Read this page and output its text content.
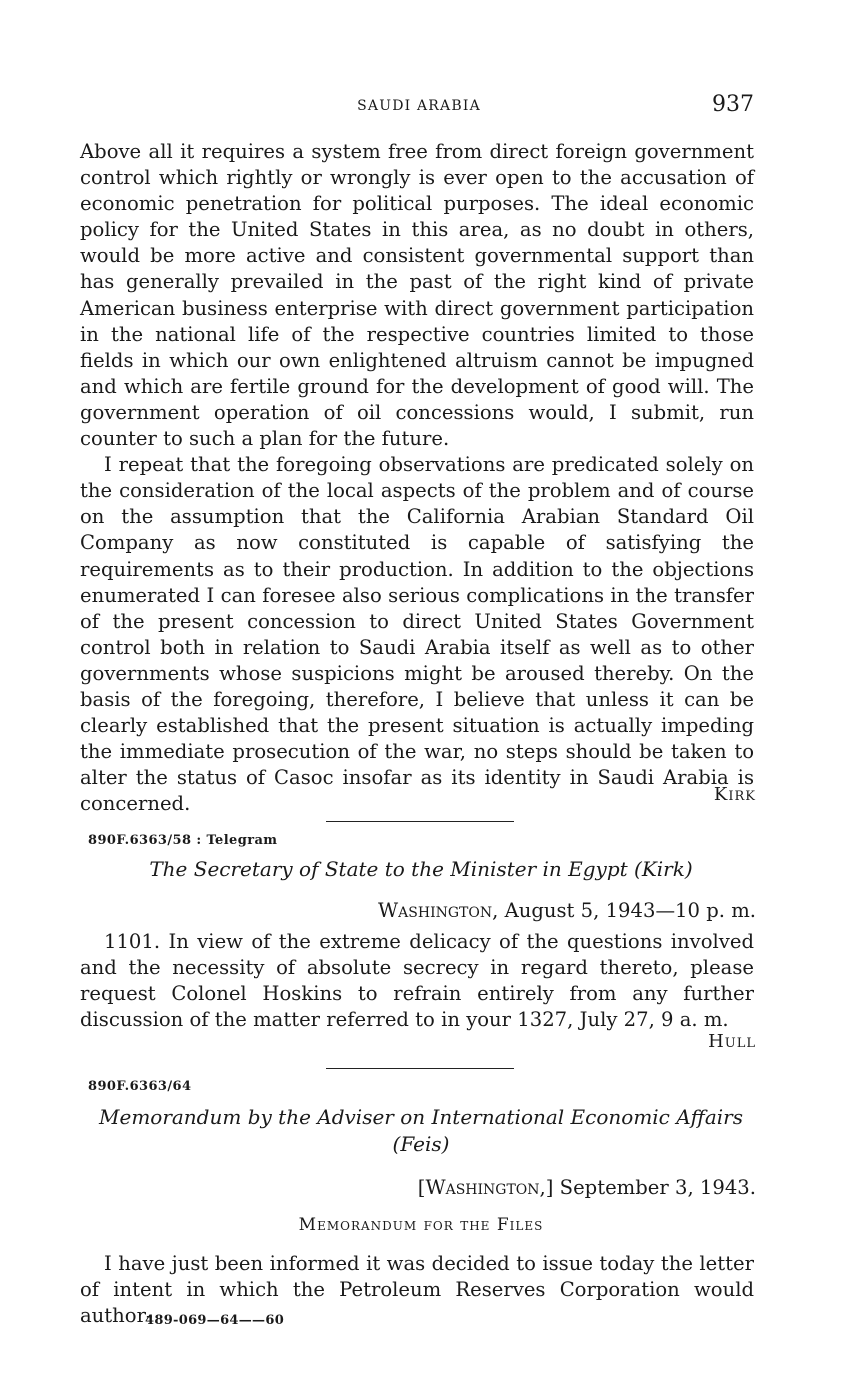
SAUDI ARABIA	937

Above all it requires a system free from direct foreign government control which rightly or wrongly is ever open to the accusation of economic penetration for political purposes. The ideal economic policy for the United States in this area, as no doubt in others, would be more active and consistent governmental support than has generally prevailed in the past of the right kind of private American business enterprise with direct government participation in the national life of the respective countries limited to those fields in which our own enlightened altruism cannot be impugned and which are fertile ground for the development of good will. The government operation of oil concessions would, I submit, run counter to such a plan for the future.

I repeat that the foregoing observations are predicated solely on the consideration of the local aspects of the problem and of course on the assumption that the California Arabian Standard Oil Company as now constituted is capable of satisfying the requirements as to their production. In addition to the objections enumerated I can foresee also serious complications in the transfer of the present concession to direct United States Government control both in relation to Saudi Arabia itself as well as to other governments whose suspicions might be aroused thereby. On the basis of the foregoing, therefore, I believe that unless it can be clearly established that the present situation is actually impeding the immediate prosecution of the war, no steps should be taken to alter the status of Casoc insofar as its identity in Saudi Arabia is concerned.	Kirk
890F.6363/58 : Telegram
The Secretary of State to the Minister in Egypt (Kirk)
Washington, August 5, 1943—10 p. m.

1101. In view of the extreme delicacy of the questions involved and the necessity of absolute secrecy in regard thereto, please request Colonel Hoskins to refrain entirely from any further discussion of the matter referred to in your 1327, July 27, 9 a. m.

Hull
890F.6363/64
Memorandum by the Adviser on International Economic Affairs
(Feis)
[Washington,] September 3, 1943.
Memorandum for the Files

I have just been informed it was decided to issue today the letter of intent in which the Petroleum Reserves Corporation would author-

489-069—64——60
